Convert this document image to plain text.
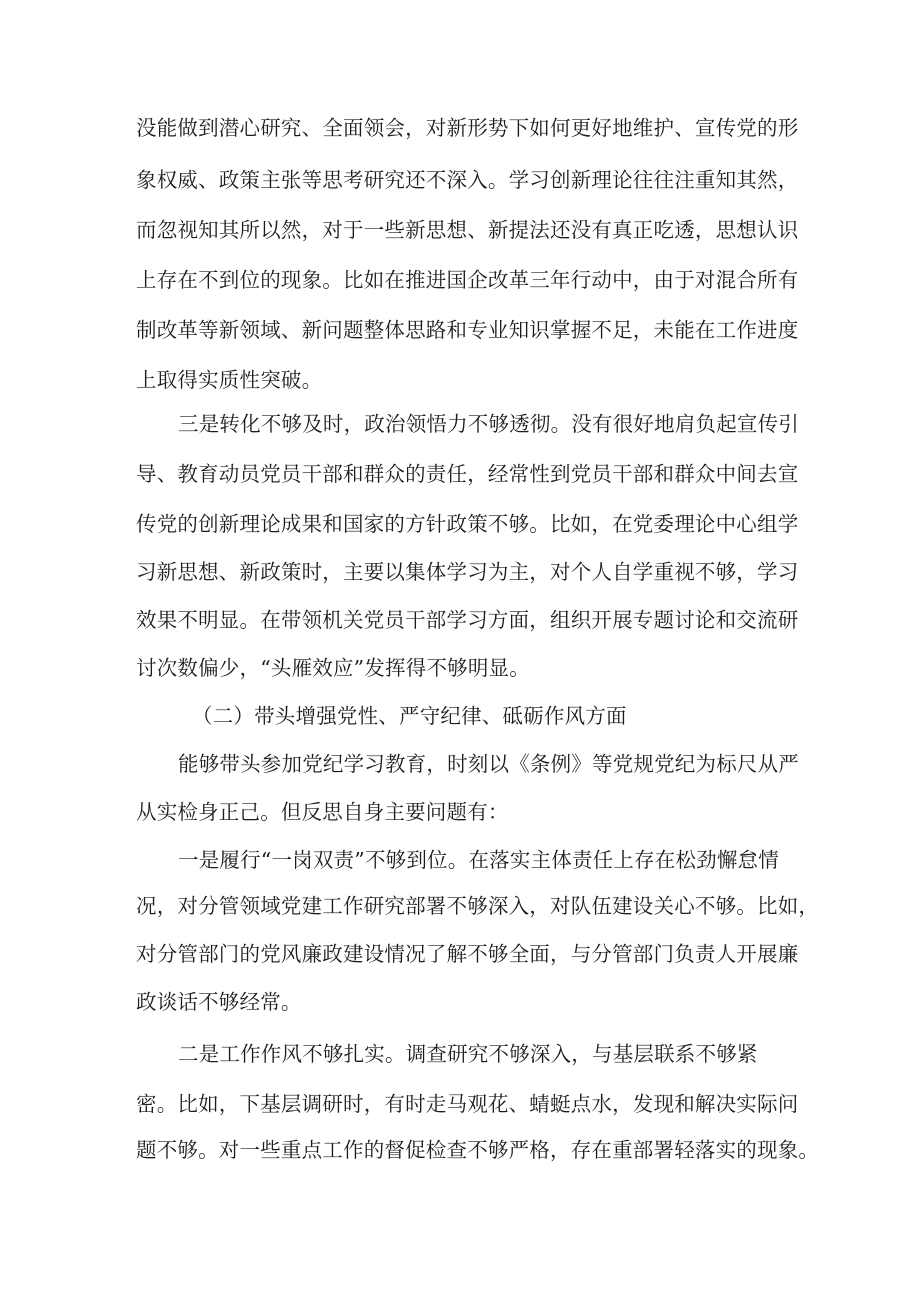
没能做到潜心研究、全面领会，对新形势下如何更好地维护、宣传党的形
象权威、政策主张等思考研究还不深入。学习创新理论往往注重知其然，
而忽视知其所以然，对于一些新思想、新提法还没有真正吃透，思想认识
上存在不到位的现象。比如在推进国企改革三年行动中，由于对混合所有
制改革等新领域、新问题整体思路和专业知识掌握不足，未能在工作进度
上取得实质性突破。
三是转化不够及时，政治领悟力不够透彻。没有很好地肩负起宣传引
导、教育动员党员干部和群众的责任，经常性到党员干部和群众中间去宣
传党的创新理论成果和国家的方针政策不够。比如，在党委理论中心组学
习新思想、新政策时，主要以集体学习为主，对个人自学重视不够，学习
效果不明显。在带领机关党员干部学习方面，组织开展专题讨论和交流研
讨次数偏少，“头雁效应”发挥得不够明显。
（二）带头增强党性、严守纪律、砥砺作风方面
能够带头参加党纪学习教育，时刻以《条例》等党规党纪为标尺从严
从实检身正己。但反思自身主要问题有：
一是履行“一岗双责”不够到位。在落实主体责任上存在松劲懈怠情
况，对分管领域党建工作研究部署不够深入，对队伍建设关心不够。比如，
对分管部门的党风廉政建设情况了解不够全面，与分管部门负责人开展廉
政谈话不够经常。
二是工作作风不够扎实。调查研究不够深入，与基层联系不够紧
密。比如，下基层调研时，有时走马观花、蜻蜓点水，发现和解决实际问
题不够。对一些重点工作的督促检查不够严格，存在重部署轻落实的现象。
